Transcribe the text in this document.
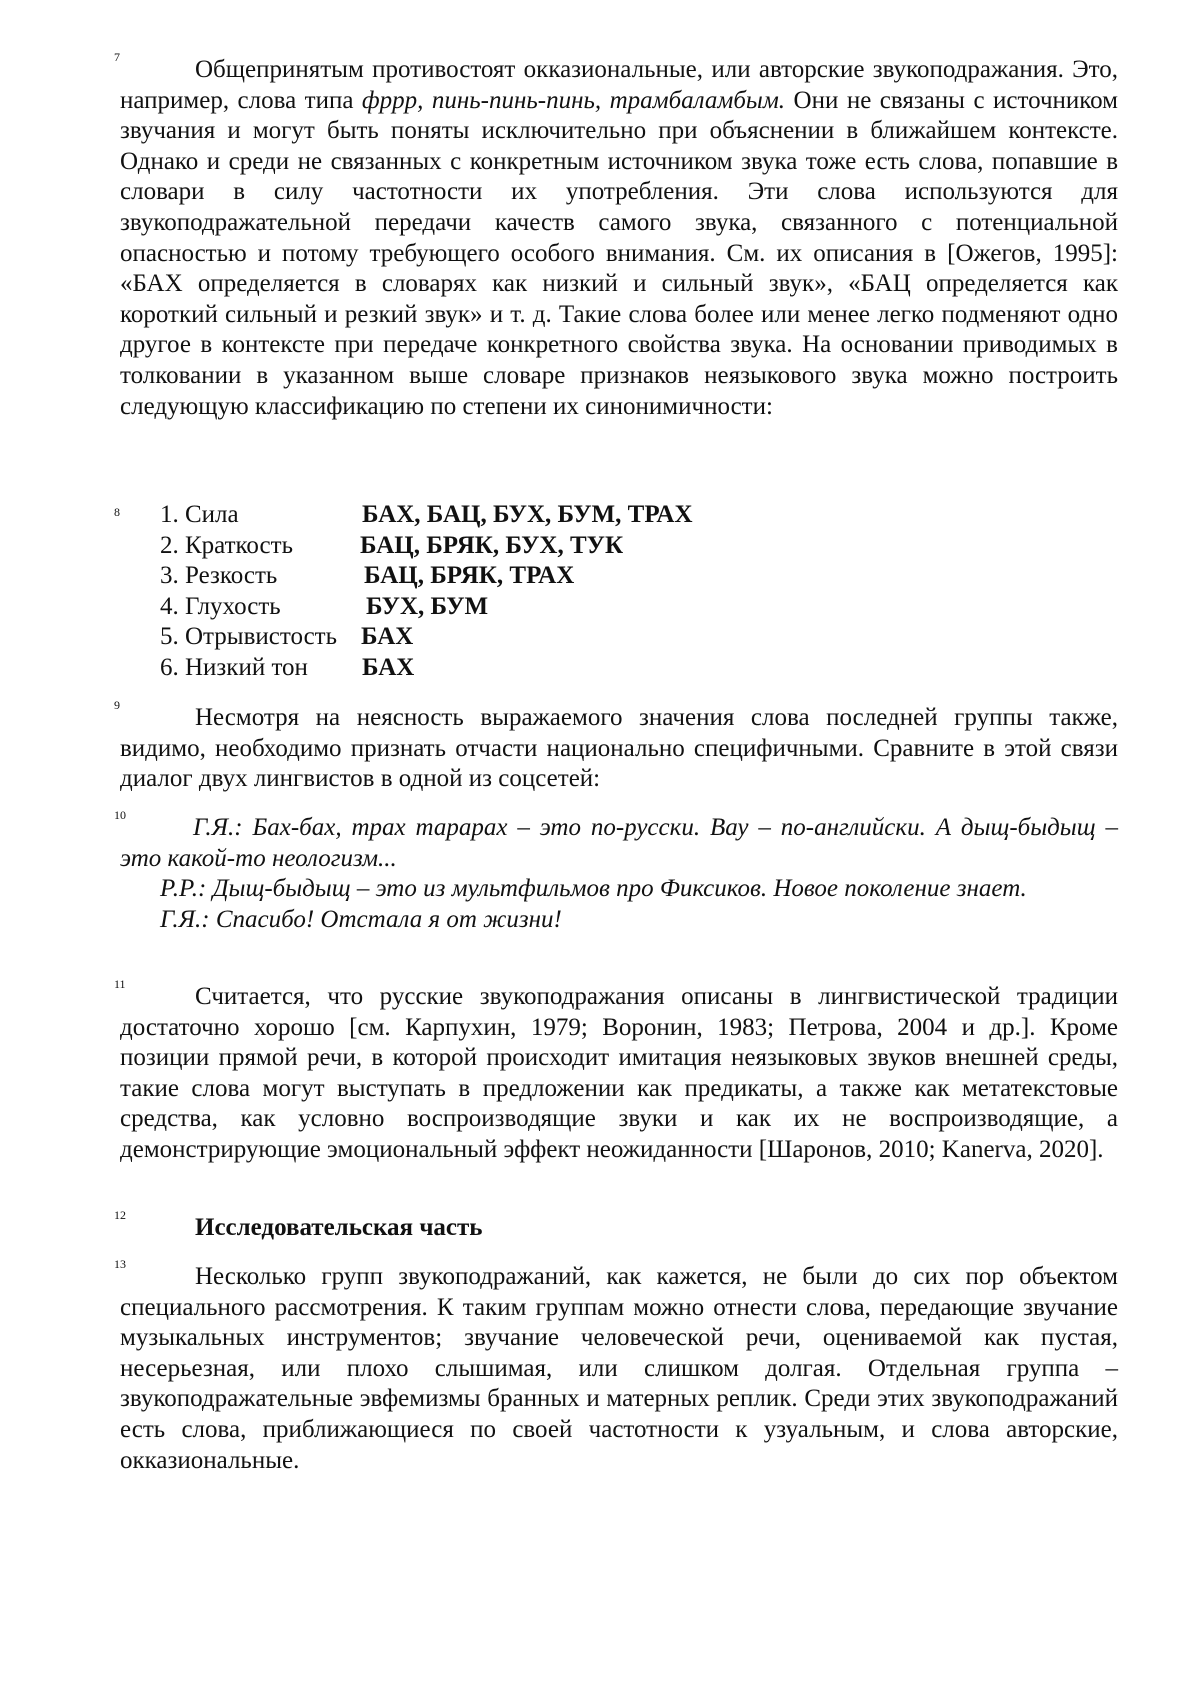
7	Общепринятым противостоят окказиональные, или авторские звукоподражания. Это, например, слова типа фррр, пинь-пинь-пинь, трамбаламбым. Они не связаны с источником звучания и могут быть поняты исключительно при объяснении в ближайшем контексте. Однако и среди не связанных с конкретным источником звука тоже есть слова, попавшие в словари в силу частотности их употребления. Эти слова используются для звукоподражательной передачи качеств самого звука, связанного с потенциальной опасностью и потому требующего особого внимания. См. их описания в [Ожегов, 1995]: «БАХ определяется в словарях как низкий и сильный звук», «БАЦ определяется как короткий сильный и резкий звук» и т. д. Такие слова более или менее легко подменяют одно другое в контексте при передаче конкретного свойства звука. На основании приводимых в толковании в указанном выше словаре признаков неязыкового звука можно построить следующую классификацию по степени их синонимичности:

8 1. Сила	БАХ, БАЦ, БУХ, БУМ, ТРАХ
2. Краткость	БАЦ, БРЯК, БУХ, ТУК
3. Резкость	БАЦ, БРЯК, ТРАХ
4. Глухость	БУХ, БУМ
5. Отрывистость БАХ
6. Низкий тон БАХ
9	Несмотря на неясность выражаемого значения слова последней группы также, видимо, необходимо признать отчасти национально специфичными. Сравните в этой связи диалог двух лингвистов в одной из соцсетей:

10	Г.Я.: Бах-бах, трах тарарах – это по-русски. Вау – по-английски. А дыщ-быдыщ – это какой-то неологизм...

Р.Р.: Дыщ-быдыщ – это из мультфильмов про Фиксиков. Новое поколение знает.

Г.Я.: Спасибо! Отстала я от жизни!

11	Считается, что русские звукоподражания описаны в лингвистической традиции достаточно хорошо [см. Карпухин, 1979; Воронин, 1983; Петрова, 2004 и др.]. Кроме позиции прямой речи, в которой происходит имитация неязыковых звуков внешней среды, такие слова могут выступать в предложении как предикаты, а также как метатекстовые средства, как условно воспроизводящие звуки и как их не воспроизводящие, а демонстрирующие эмоциональный эффект неожиданности [Шаронов, 2010; Kanerva, 2020].

12	Исследовательская часть

13	Несколько групп звукоподражаний, как кажется, не были до сих пор объектом специального рассмотрения. К таким группам можно отнести слова, передающие звучание музыкальных инструментов; звучание человеческой речи, оцениваемой как пустая, несерьезная, или плохо слышимая, или слишком долгая. Отдельная группа – звукоподражательные эвфемизмы бранных и матерных реплик. Среди этих звукоподражаний есть слова, приближающиеся по своей частотности к узуальным, и слова авторские, окказиональные.
